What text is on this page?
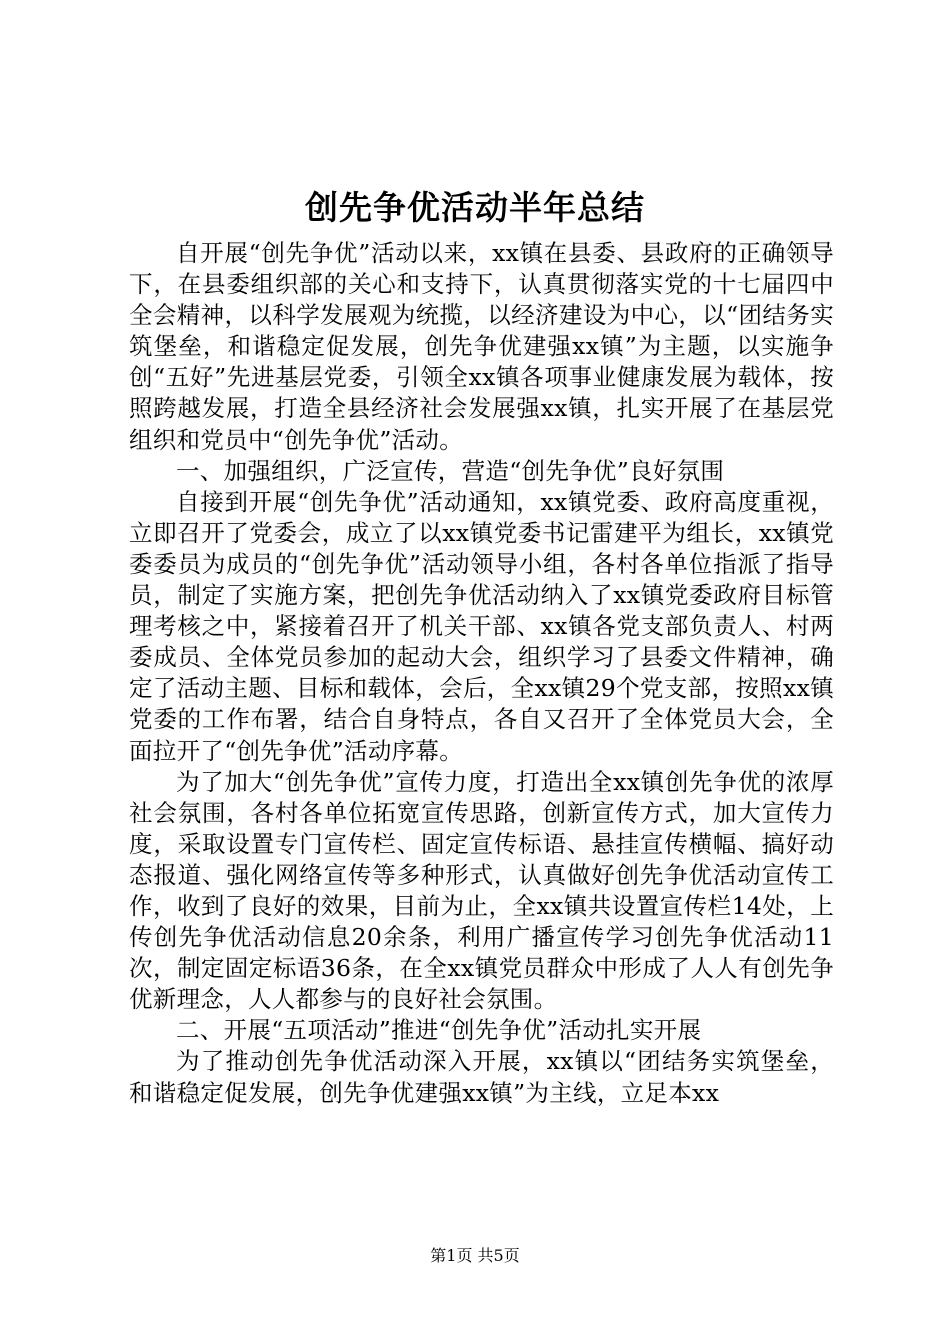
创先争优活动半年总结

自开展“创先争优”活动以来，xx镇在县委、县政府的正确领导下，在县委组织部的关心和支持下，认真贯彻落实党的十七届四中全会精神，以科学发展观为统揽，以经济建设为中心，以“团结务实筑堡垒，和谐稳定促发展，创先争优建强xx镇”为主题，以实施争创“五好”先进基层党委，引领全xx镇各项事业健康发展为载体，按照跨越发展，打造全县经济社会发展强xx镇，扎实开展了在基层党组织和党员中“创先争优”活动。

一、加强组织，广泛宣传，营造“创先争优”良好氛围

自接到开展“创先争优”活动通知，xx镇党委、政府高度重视，立即召开了党委会，成立了以xx镇党委书记雷建平为组长，xx镇党委委员为成员的“创先争优”活动领导小组，各村各单位指派了指导员，制定了实施方案，把创先争优活动纳入了xx镇党委政府目标管理考核之中，紧接着召开了机关干部、xx镇各党支部负责人、村两委成员、全体党员参加的起动大会，组织学习了县委文件精神，确定了活动主题、目标和载体，会后，全xx镇29个党支部，按照xx镇党委的工作布署，结合自身特点，各自又召开了全体党员大会，全面拉开了“创先争优”活动序幕。

为了加大“创先争优”宣传力度，打造出全xx镇创先争优的浓厚社会氛围，各村各单位拓宽宣传思路，创新宣传方式，加大宣传力度，采取设置专门宣传栏、固定宣传标语、悬挂宣传横幅、搞好动态报道、强化网络宣传等多种形式，认真做好创先争优活动宣传工作，收到了良好的效果，目前为止，全xx镇共设置宣传栏14处，上传创先争优活动信息20余条，利用广播宣传学习创先争优活动11次，制定固定标语36条，在全xx镇党员群众中形成了人人有创先争优新理念，人人都参与的良好社会氛围。

二、开展“五项活动”推进“创先争优”活动扎实开展

为了推动创先争优活动深入开展，xx镇以“团结务实筑堡垒，和谐稳定促发展，创先争优建强xx镇”为主线，立足本xx

第1页 共5页
